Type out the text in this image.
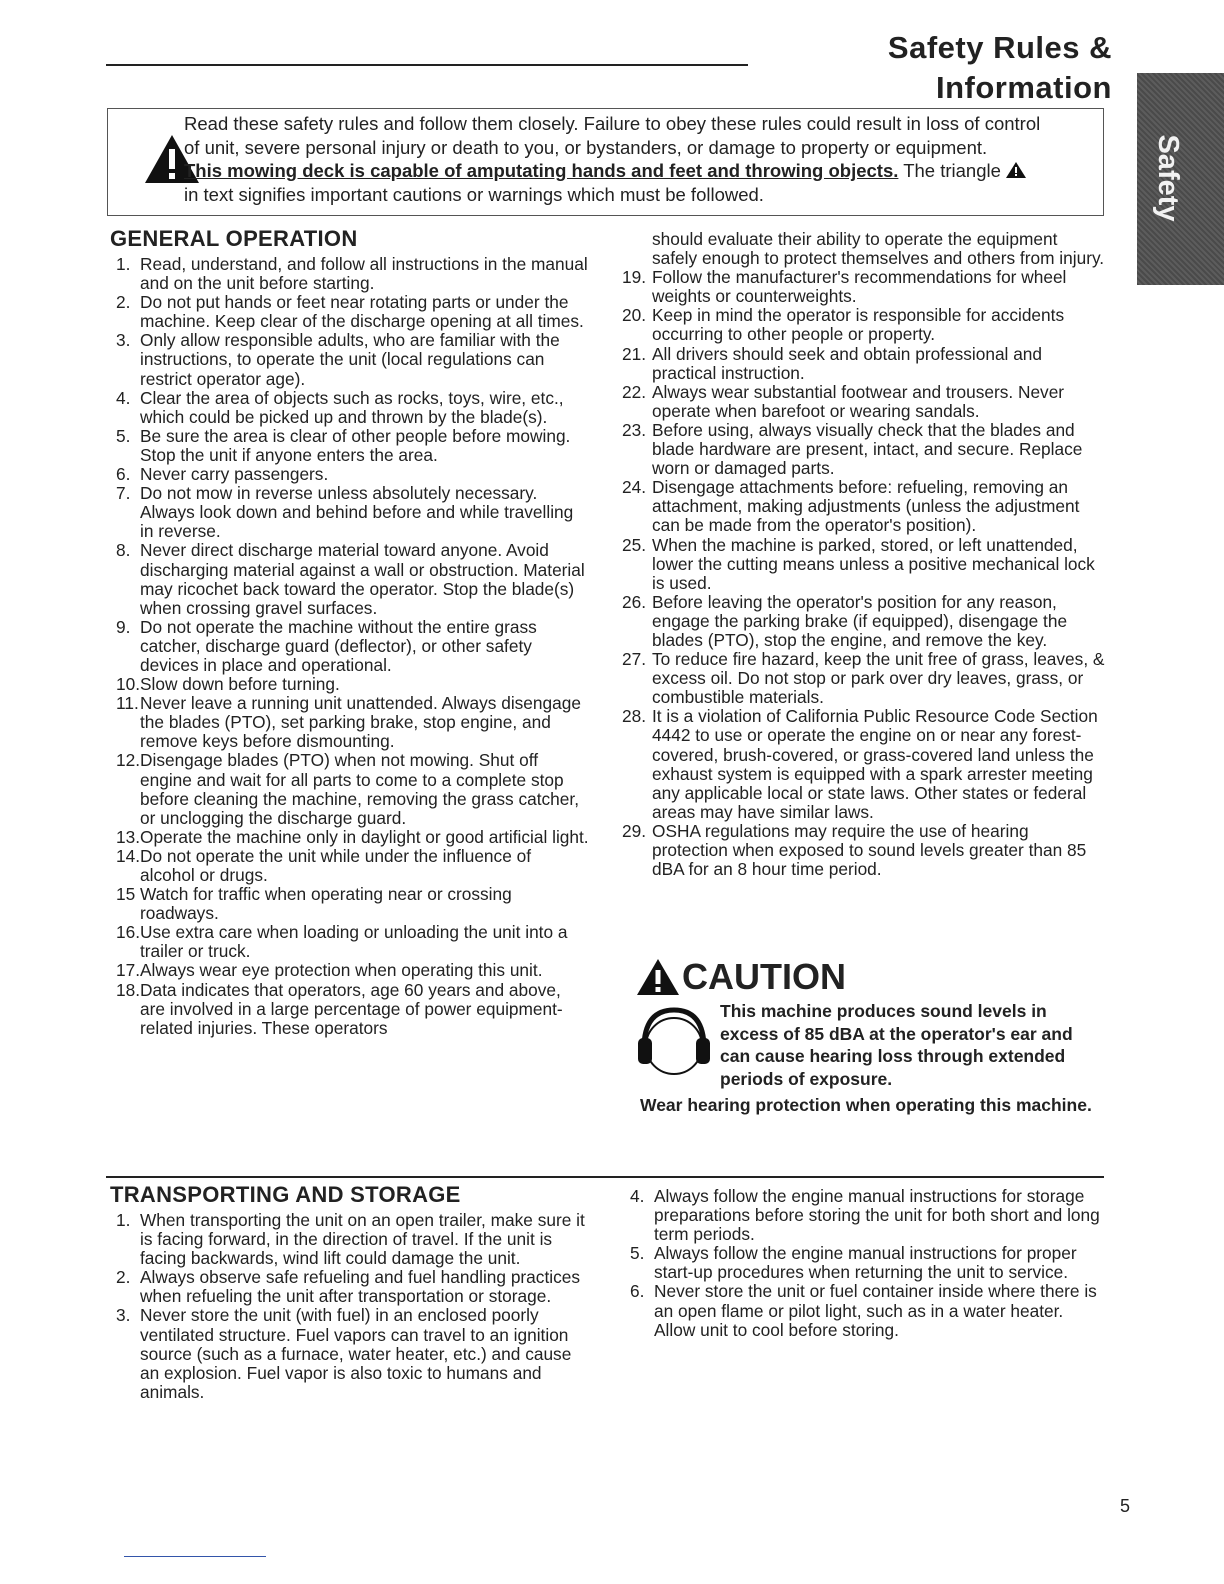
Safety Rules & Information
Safety
Read these safety rules and follow them closely. Failure to obey these rules could result in loss of control
of unit, severe personal injury or death to you, or bystanders, or damage to property or equipment.
This mowing deck is capable of amputating hands and feet and throwing objects. The triangle
in text signifies important cautions or warnings which must be followed.
GENERAL OPERATION
1. Read, understand, and follow all instructions in the manual and on the unit before starting.
2. Do not put hands or feet near rotating parts or under the machine. Keep clear of the discharge opening at all times.
3. Only allow responsible adults, who are familiar with the instructions, to operate the unit (local regulations can restrict operator age).
4. Clear the area of objects such as rocks, toys, wire, etc., which could be picked up and thrown by the blade(s).
5. Be sure the area is clear of other people before mowing. Stop the unit if anyone enters the area.
6. Never carry passengers.
7. Do not mow in reverse unless absolutely necessary. Always look down and behind before and while travelling in reverse.
8. Never direct discharge material toward anyone. Avoid discharging material against a wall or obstruction. Material may ricochet back toward the operator. Stop the blade(s) when crossing gravel surfaces.
9. Do not operate the machine without the entire grass catcher, discharge guard (deflector), or other safety devices in place and operational.
10. Slow down before turning.
11. Never leave a running unit unattended. Always disengage the blades (PTO), set parking brake, stop engine, and remove keys before dismounting.
12. Disengage blades (PTO) when not mowing. Shut off engine and wait for all parts to come to a complete stop before cleaning the machine, removing the grass catcher, or unclogging the discharge guard.
13. Operate the machine only in daylight or good artificial light.
14. Do not operate the unit while under the influence of alcohol or drugs.
15 Watch for traffic when operating near or crossing roadways.
16. Use extra care when loading or unloading the unit into a trailer or truck.
17. Always wear eye protection when operating this unit.
18. Data indicates that operators, age 60 years and above, are involved in a large percentage of power equipment-related injuries. These operators
should evaluate their ability to operate the equipment safely enough to protect themselves and others from injury.
19. Follow the manufacturer's recommendations for wheel weights or counterweights.
20. Keep in mind the operator is responsible for accidents occurring to other people or property.
21. All drivers should seek and obtain professional and practical instruction.
22. Always wear substantial footwear and trousers. Never operate when barefoot or wearing sandals.
23. Before using, always visually check that the blades and blade hardware are present, intact, and secure. Replace worn or damaged parts.
24. Disengage attachments before: refueling, removing an attachment, making adjustments (unless the adjustment can be made from the operator's position).
25. When the machine is parked, stored, or left unattended, lower the cutting means unless a positive mechanical lock is used.
26. Before leaving the operator's position for any reason, engage the parking brake (if equipped), disengage the blades (PTO), stop the engine, and remove the key.
27. To reduce fire hazard, keep the unit free of grass, leaves, & excess oil. Do not stop or park over dry leaves, grass, or combustible materials.
28. It is a violation of California Public Resource Code Section 4442 to use or operate the engine on or near any forest-covered, brush-covered, or grass-covered land unless the exhaust system is equipped with a spark arrester meeting any applicable local or state laws. Other states or federal areas may have similar laws.
29. OSHA regulations may require the use of hearing protection when exposed to sound levels greater than 85 dBA for an 8 hour time period.
CAUTION
This machine produces sound levels in excess of 85 dBA at the operator's ear and can cause hearing loss through extended periods of exposure.
Wear hearing protection when operating this machine.
TRANSPORTING AND STORAGE
1. When transporting the unit on an open trailer, make sure it is facing forward, in the direction of travel. If the unit is facing backwards, wind lift could damage the unit.
2. Always observe safe refueling and fuel handling practices when refueling the unit after transportation or storage.
3. Never store the unit (with fuel) in an enclosed poorly ventilated structure. Fuel vapors can travel to an ignition source (such as a furnace, water heater, etc.) and cause an explosion. Fuel vapor is also toxic to humans and animals.
4. Always follow the engine manual instructions for storage preparations before storing the unit for both short and long term periods.
5. Always follow the engine manual instructions for proper start-up procedures when returning the unit to service.
6. Never store the unit or fuel container inside where there is an open flame or pilot light, such as in a water heater. Allow unit to cool before storing.
5
